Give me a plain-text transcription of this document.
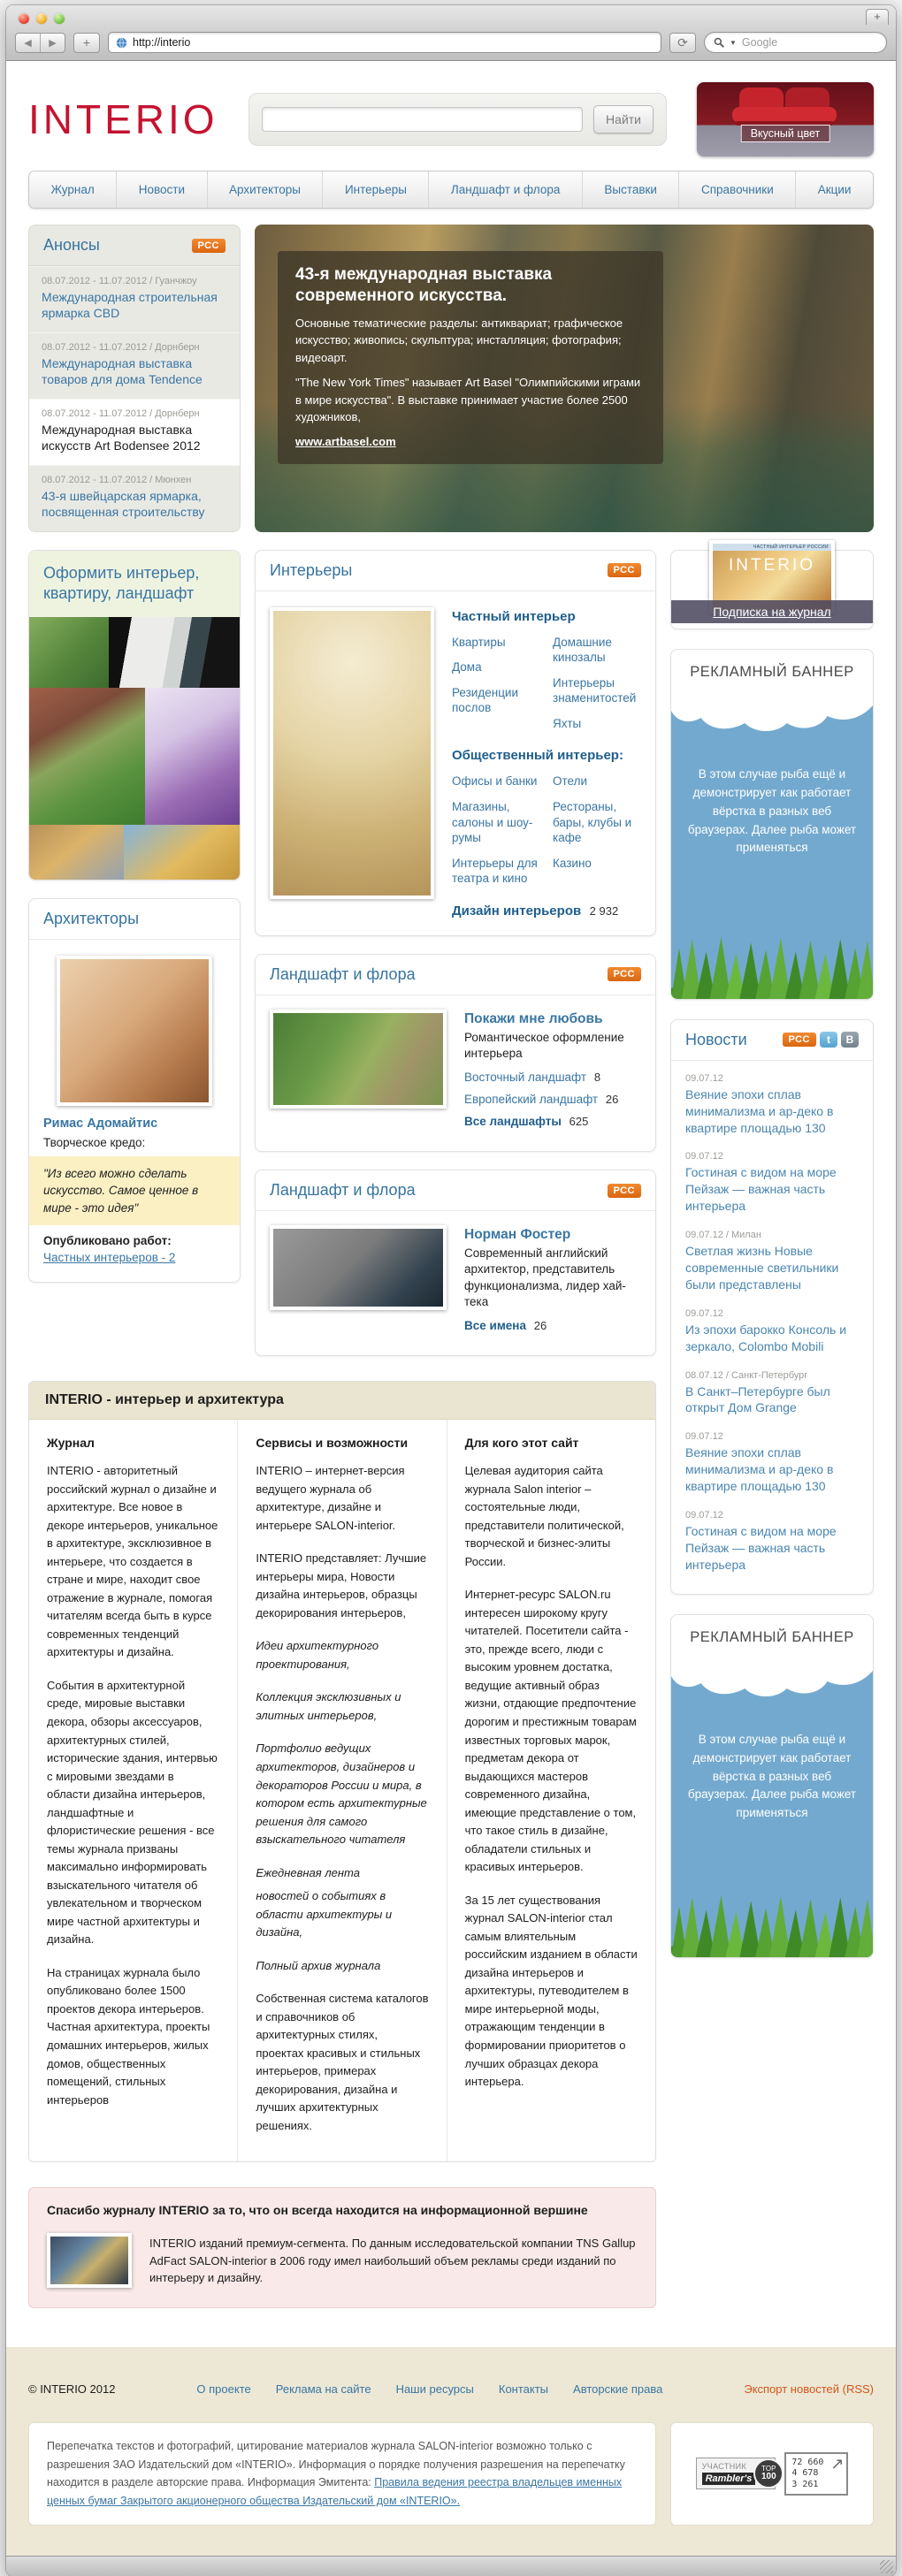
+
◀	▶	+	http://interio	⟳	▼ Google
INTERIO	Найти
Вкусный цвет
Журнал	Новости	Архитекторы	Интерьеры	Ландшафт и флора	Выставки	Справочники	Акции
Анонсы	РСС
08.07.2012 - 11.07.2012 / Гуанчжоу
Международная строительная ярмарка CBD
08.07.2012 - 11.07.2012 / Дорнберн
Международная выставка товаров для дома Tendence
08.07.2012 - 11.07.2012 / Дорнберн
Международная выставка искусств Art Bodensee 2012
08.07.2012 - 11.07.2012 / Мюнхен
43-я швейцарская ярмарка, посвященная строительству
43-я международная выставка современного искусства.

Основные тематические разделы: антиквариат; графическое искусство; живопись; скульптура; инсталляция; фотография; видеоарт.

"The New York Times" называет Art Basel "Олимпийскими играми в мире искусства". В выставке принимает участие более 2500 художников,

www.artbasel.com
Оформить интерьер, квартиру, ландшафт
Архитекторы
Римас Адомайтис
Творческое кредо:
"Из всего можно сделать искусство. Самое ценное в мире - это идея"
Опубликовано работ:
Частных интерьеров - 2
Интерьеры	РСС
Частный интерьер
Квартиры
Дома
Резиденции послов
Домашние кинозалы
Интерьеры знаменитостей
Яхты
Общественный интерьер:
Офисы и банки
Магазины, салоны и шоу-румы
Интерьеры для театра и кино
Отели
Рестораны, бары, клубы и кафе
Казино
Дизайн интерьеров 2 932
Ландшафт и флора	РСС
Покажи мне любовь
Романтическое оформление интерьера
Восточный ландшафт 8
Европейский ландшафт 26
Все ландшафты 625
Ландшафт и флора	РСС
Норман Фостер
Современный английский архитектор, представитель функционализма, лидер хай-тека
Все имена 26
INTERIO - интерьер и архитектура
Журнал

INTERIO - авторитетный российский журнал о дизайне и архитектуре. Все новое в декоре интерьеров, уникальное в архитектуре, эксклюзивное в интерьере, что создается в стране и мире, находит свое отражение в журнале, помогая читателям всегда быть в курсе современных тенденций архитектуры и дизайна.

События в архитектурной среде, мировые выставки декора, обзоры аксессуаров, архитектурных стилей, исторические здания, интервью с мировыми звездами в области дизайна интерьеров, ландшафтные и флористические решения - все темы журнала призваны максимально информировать взыскательного читателя об увлекательном и творческом мире частной архитектуры и дизайна.

На страницах журнала было опубликовано более 1500 проектов декора интерьеров. Частная архитектура, проекты домашних интерьеров, жилых домов, общественных помещений, стильных интерьеров

Сервисы и возможности

INTERIO – интернет-версия ведущего журнала об архитектуре, дизайне и интерьере SALON-interior.

INTERIO представляет: Лучшие интерьеры мира, Новости дизайна интерьеров, образцы декорирования интерьеров,

Идеи архитектурного проектирования,

Коллекция эксклюзивных и элитных интерьеров,

Портфолио ведущих архитекторов, дизайнеров и декораторов России и мира, в котором есть архитектурные решения для самого взыскательного читателя

Ежедневная лента

новостей о событиях в области архитектуры и дизайна,

Полный архив журнала

Собственная система каталогов и справочников об архитектурных стилях, проектах красивых и стильных интерьеров, примерах декорирования, дизайна и лучших архитектурных решениях.

Для кого этот сайт

Целевая аудитория сайта журнала Salon interior – состоятельные люди, представители политической, творческой и бизнес-элиты России.

Интернет-ресурс SALON.ru интересен широкому кругу читателей. Посетители сайта - это, прежде всего, люди с высоким уровнем достатка, ведущие активный образ жизни, отдающие предпочтение дорогим и престижным товарам известных торговых марок, предметам декора от выдающихся мастеров современного дизайна, имеющие представление о том, что такое стиль в дизайне, обладатели стильных и красивых интерьеров.

За 15 лет существования журнал SALON-interior стал самым влиятельным российским изданием в области дизайна интерьеров и архитектуры, путеводителем в мире интерьерной моды, отражающим тенденции в формировании приоритетов о лучших образцах декора интерьера.

Спасибо журналу INTERIO за то, что он всегда находится на информационной вершине

INTERIO изданий премиум-сегмента. По данным исследовательской компании TNS Gallup AdFact SALON-interior в 2006 году имел наибольший объем рекламы среди изданий по интерьеру и дизайну.

ЧАСТНЫЙ ИНТЕРЬЕР РОССИИ
INTERIO
Подписка на журнал
РЕКЛАМНЫЙ БАННЕР
В этом случае рыба ещё и демонстрирует как работает вёрстка в разных веб браузерах. Далее рыба может применяться
Новости	РСС	t	В
09.07.12
Веяние эпохи сплав минимализма и ар-деко в квартире площадью 130
09.07.12
Гостиная с видом на море Пейзаж — важная часть интерьера
09.07.12 / Милан
Светлая жизнь Новые современные светильники были представлены
09.07.12
Из эпохи барокко Консоль и зеркало, Colombo Mobili
08.07.12 / Санкт-Петербург
В Санкт–Петербурге был открыт Дом Grange
09.07.12
Веяние эпохи сплав минимализма и ар-деко в квартире площадью 130
09.07.12
Гостиная с видом на море Пейзаж — важная часть интерьера
РЕКЛАМНЫЙ БАННЕР
В этом случае рыба ещё и демонстрирует как работает вёрстка в разных веб браузерах. Далее рыба может применяться
© INTERIO 2012	О проекте Реклама на сайте Наши ресурсы Контакты Авторские права	Экспорт новостей (RSS)
Перепечатка текстов и фотографий, цитирование материалов журнала SALON-interior возможно только с разрешения ЗАО Издательский дом «INTERIO». Информация о порядке получения разрешения на перепечатку находится в разделе авторские права. Информация Эмитента: Правила ведения реестра владельцев именных ценных бумаг Закрытого акционерного общества Издательский дом «INTERIO».
УЧАСТНИК
Rambler's
TOP
100
↗
72 660
4 678
3 261
